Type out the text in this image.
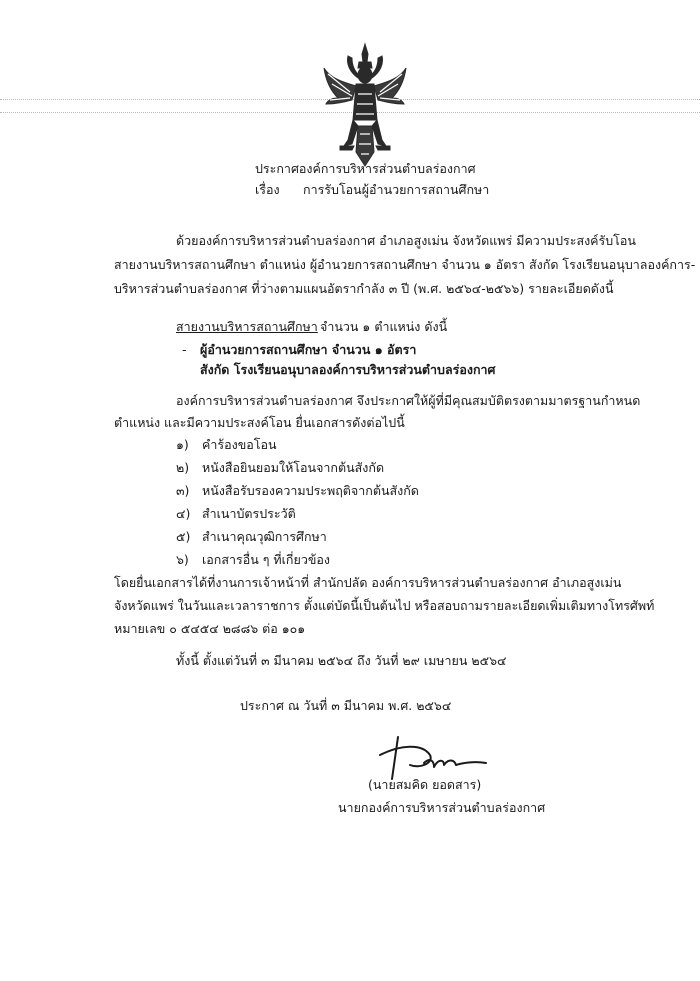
ประกาศองค์การบริหารส่วนตำบลร่องกาศ
เรื่อง การรับโอนผู้อำนวยการสถานศึกษา
ด้วยองค์การบริหารส่วนตำบลร่องกาศ อำเภอสูงเม่น จังหวัดแพร่ มีความประสงค์รับโอน
สายงานบริหารสถานศึกษา ตำแหน่ง ผู้อำนวยการสถานศึกษา จำนวน ๑ อัตรา สังกัด โรงเรียนอนุบาลองค์การ-
บริหารส่วนตำบลร่องกาศ ที่ว่างตามแผนอัตรากำลัง ๓ ปี (พ.ศ. ๒๕๖๔-๒๕๖๖) รายละเอียดดังนี้
สายงานบริหารสถานศึกษา จำนวน ๑ ตำแหน่ง ดังนี้
- ผู้อำนวยการสถานศึกษา จำนวน ๑ อัตรา
สังกัด โรงเรียนอนุบาลองค์การบริหารส่วนตำบลร่องกาศ
องค์การบริหารส่วนตำบลร่องกาศ จึงประกาศให้ผู้ที่มีคุณสมบัติตรงตามมาตรฐานกำหนด
ตำแหน่ง และมีความประสงค์โอน ยื่นเอกสารดังต่อไปนี้
๑) คำร้องขอโอน
๒) หนังสือยินยอมให้โอนจากต้นสังกัด
๓) หนังสือรับรองความประพฤติจากต้นสังกัด
๔) สำเนาบัตรประวัติ
๕) สำเนาคุณวุฒิการศึกษา
๖) เอกสารอื่น ๆ ที่เกี่ยวข้อง
โดยยื่นเอกสารได้ที่งานการเจ้าหน้าที่ สำนักปลัด องค์การบริหารส่วนตำบลร่องกาศ อำเภอสูงเม่น
จังหวัดแพร่ ในวันและเวลาราชการ ตั้งแต่บัดนี้เป็นต้นไป หรือสอบถามรายละเอียดเพิ่มเติมทางโทรศัพท์
หมายเลข ๐ ๕๔๕๔ ๒๘๘๖ ต่อ ๑๐๑
ทั้งนี้ ตั้งแต่วันที่ ๓ มีนาคม ๒๕๖๔ ถึง วันที่ ๒๙ เมษายน ๒๕๖๔
ประกาศ ณ วันที่ ๓ มีนาคม พ.ศ. ๒๕๖๔
(นายสมคิด ยอดสาร)
นายกองค์การบริหารส่วนตำบลร่องกาศ
